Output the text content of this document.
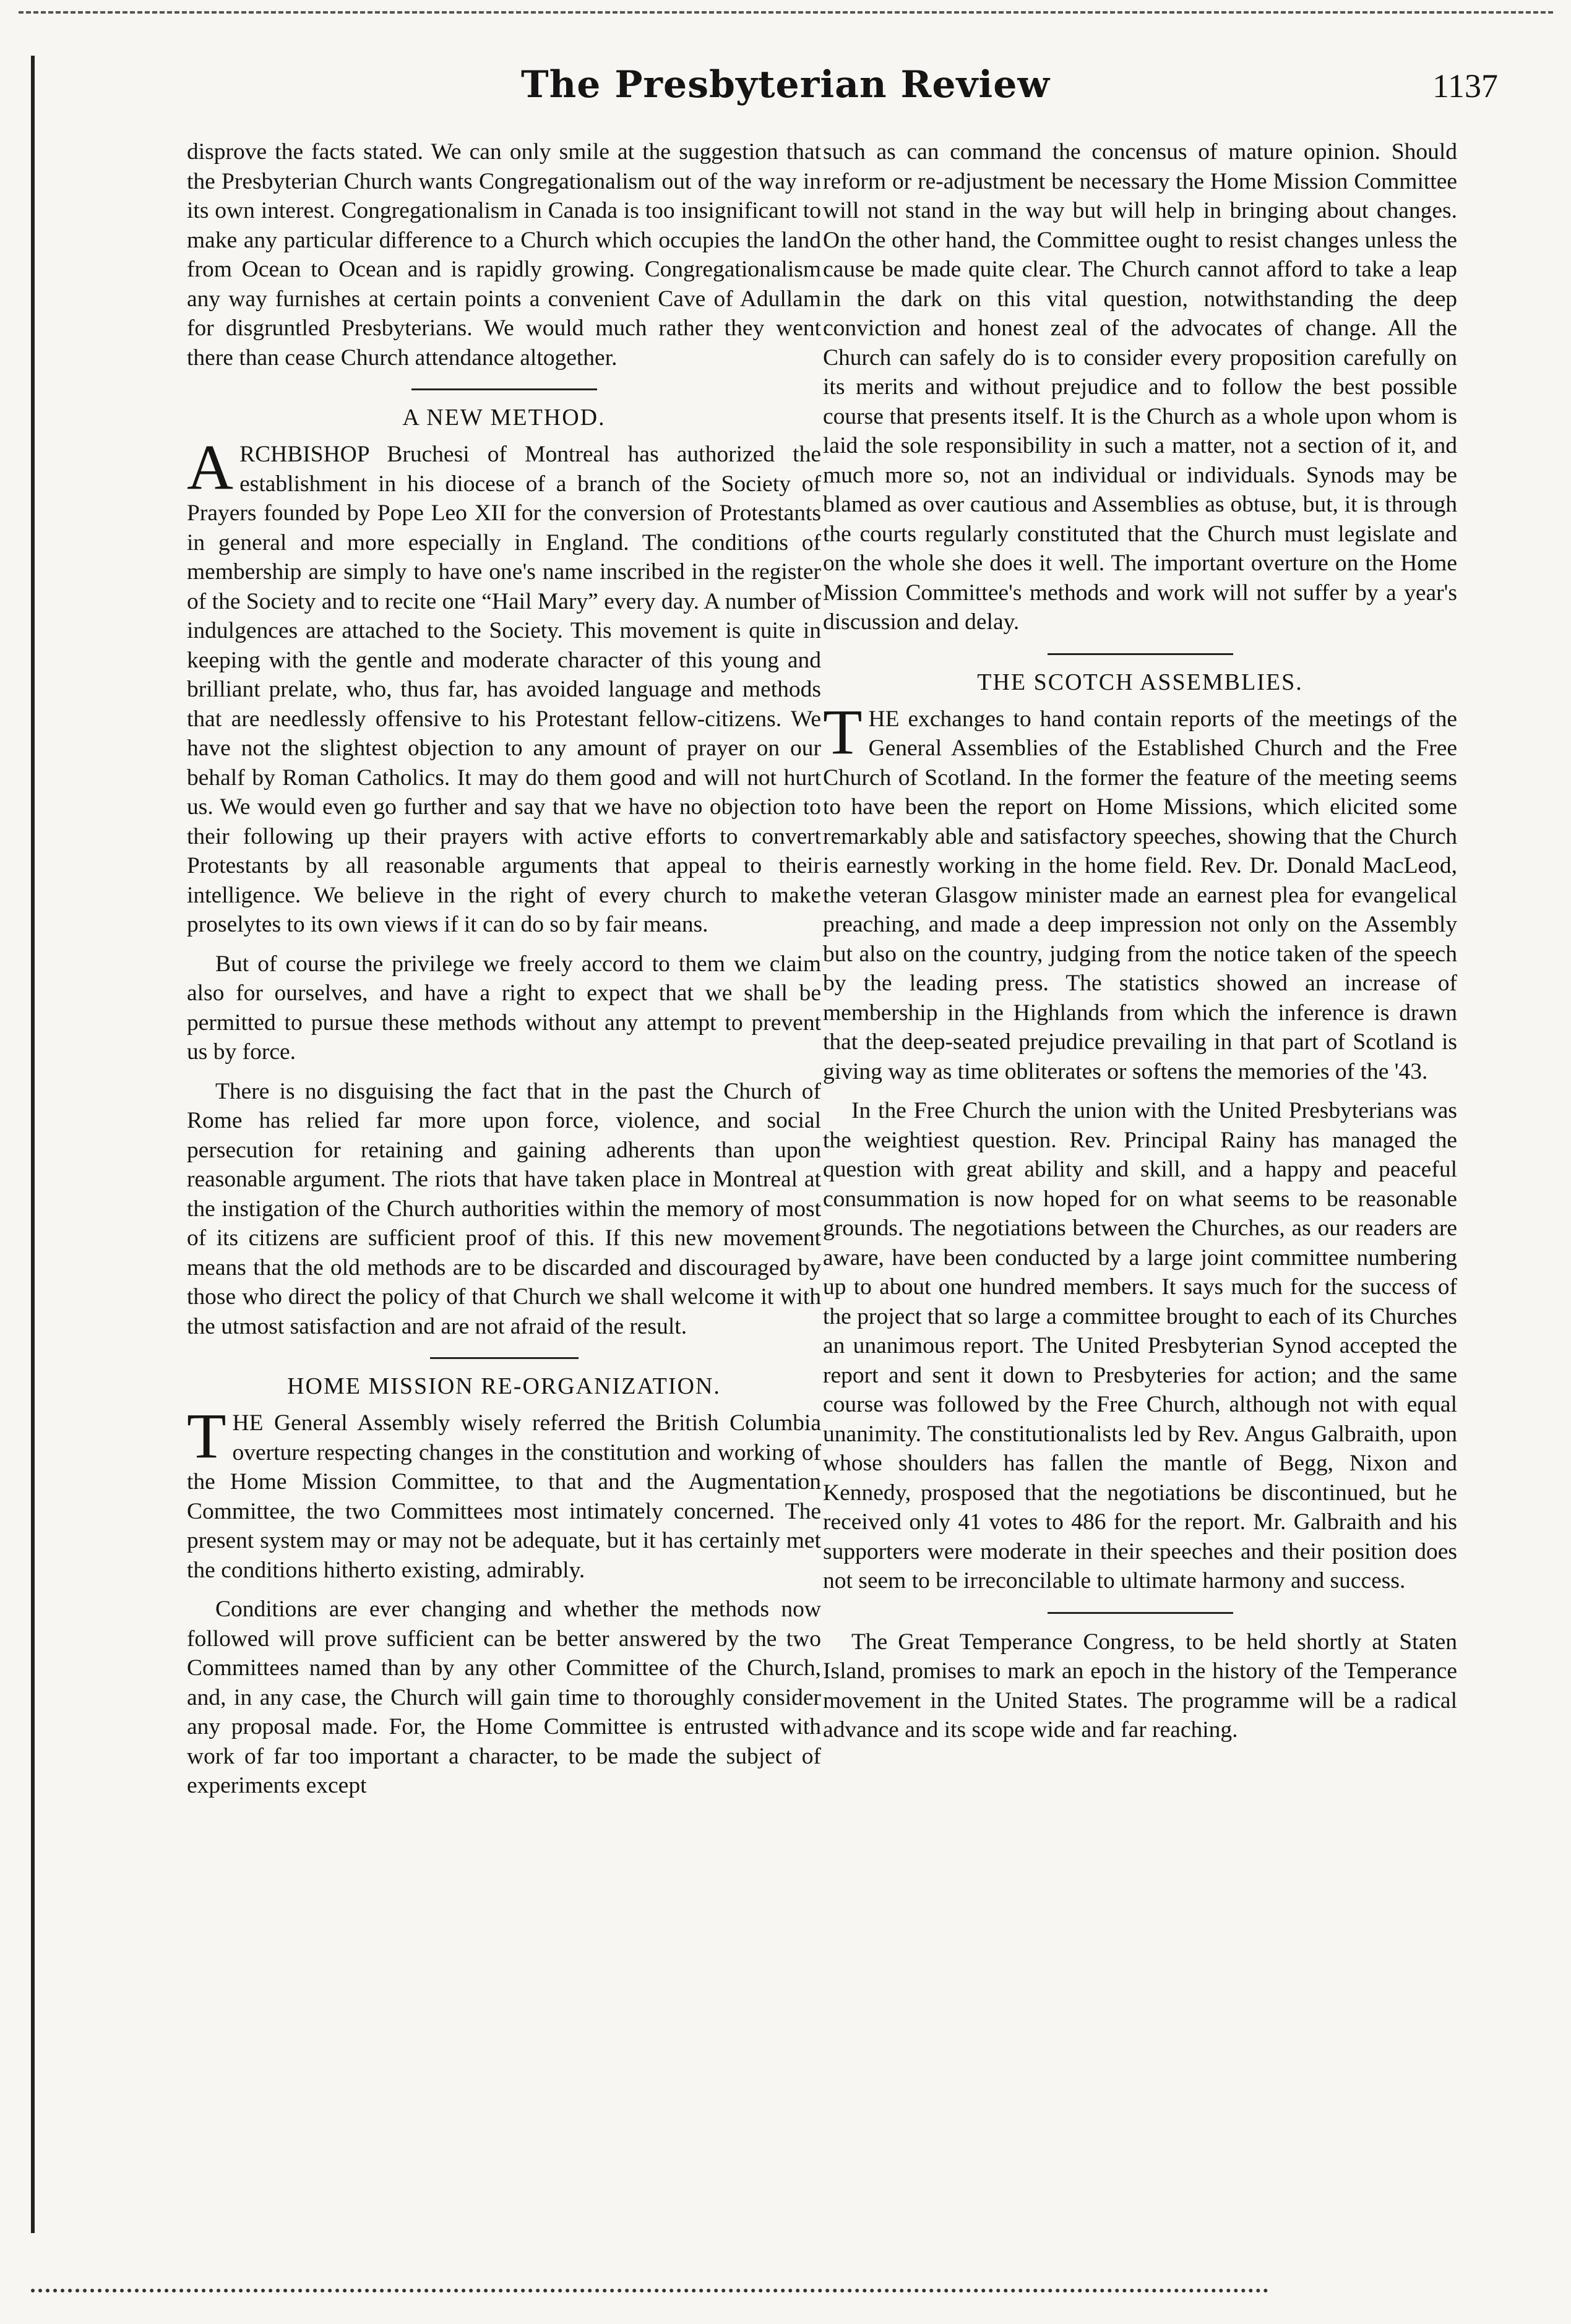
The Presbyterian Review	1137

disprove the facts stated. We can only smile at the suggestion that the Presbyterian Church wants Congregationalism out of the way in its own interest. Congregationalism in Canada is too insignificant to make any particular difference to a Church which occupies the land from Ocean to Ocean and is rapidly growing. Congregationalism any way furnishes at certain points a convenient Cave of Adullam for disgruntled Presbyterians. We would much rather they went there than cease Church attendance altogether.

A NEW METHOD.

ARCHBISHOP Bruchesi of Montreal has authorized the establishment in his diocese of a branch of the Society of Prayers founded by Pope Leo XII for the conversion of Protestants in general and more especially in England. The conditions of membership are simply to have one's name inscribed in the register of the Society and to recite one “Hail Mary” every day. A number of indulgences are attached to the Society. This movement is quite in keeping with the gentle and moderate character of this young and brilliant prelate, who, thus far, has avoided language and methods that are needlessly offensive to his Protestant fellow-citizens. We have not the slightest objection to any amount of prayer on our behalf by Roman Catholics. It may do them good and will not hurt us. We would even go further and say that we have no objection to their following up their prayers with active efforts to convert Protestants by all reasonable arguments that appeal to their intelligence. We believe in the right of every church to make proselytes to its own views if it can do so by fair means.

But of course the privilege we freely accord to them we claim also for ourselves, and have a right to expect that we shall be permitted to pursue these methods without any attempt to prevent us by force.

There is no disguising the fact that in the past the Church of Rome has relied far more upon force, violence, and social persecution for retaining and gaining adherents than upon reasonable argument. The riots that have taken place in Montreal at the instigation of the Church authorities within the memory of most of its citizens are sufficient proof of this. If this new movement means that the old methods are to be discarded and discouraged by those who direct the policy of that Church we shall welcome it with the utmost satisfaction and are not afraid of the result.

HOME MISSION RE-ORGANIZATION.

THE General Assembly wisely referred the British Columbia overture respecting changes in the constitution and working of the Home Mission Committee, to that and the Augmentation Committee, the two Committees most intimately concerned. The present system may or may not be adequate, but it has certainly met the conditions hitherto existing, admirably.

Conditions are ever changing and whether the methods now followed will prove sufficient can be better answered by the two Committees named than by any other Committee of the Church, and, in any case, the Church will gain time to thoroughly consider any proposal made. For, the Home Committee is entrusted with work of far too important a character, to be made the subject of experiments except

such as can command the concensus of mature opinion. Should reform or re-adjustment be necessary the Home Mission Committee will not stand in the way but will help in bringing about changes. On the other hand, the Committee ought to resist changes unless the cause be made quite clear. The Church cannot afford to take a leap in the dark on this vital question, notwithstanding the deep conviction and honest zeal of the advocates of change. All the Church can safely do is to consider every proposition carefully on its merits and without prejudice and to follow the best possible course that presents itself. It is the Church as a whole upon whom is laid the sole responsibility in such a matter, not a section of it, and much more so, not an individual or individuals. Synods may be blamed as over cautious and Assemblies as obtuse, but, it is through the courts regularly constituted that the Church must legislate and on the whole she does it well. The important overture on the Home Mission Committee's methods and work will not suffer by a year's discussion and delay.

THE SCOTCH ASSEMBLIES.

THE exchanges to hand contain reports of the meetings of the General Assemblies of the Established Church and the Free Church of Scotland. In the former the feature of the meeting seems to have been the report on Home Missions, which elicited some remarkably able and satisfactory speeches, showing that the Church is earnestly working in the home field. Rev. Dr. Donald MacLeod, the veteran Glasgow minister made an earnest plea for evangelical preaching, and made a deep impression not only on the Assembly but also on the country, judging from the notice taken of the speech by the leading press. The statistics showed an increase of membership in the Highlands from which the inference is drawn that the deep-seated prejudice prevailing in that part of Scotland is giving way as time obliterates or softens the memories of the '43.

In the Free Church the union with the United Presbyterians was the weightiest question. Rev. Principal Rainy has managed the question with great ability and skill, and a happy and peaceful consummation is now hoped for on what seems to be reasonable grounds. The negotiations between the Churches, as our readers are aware, have been conducted by a large joint committee numbering up to about one hundred members. It says much for the success of the project that so large a committee brought to each of its Churches an unanimous report. The United Presbyterian Synod accepted the report and sent it down to Presbyteries for action; and the same course was followed by the Free Church, although not with equal unanimity. The constitutionalists led by Rev. Angus Galbraith, upon whose shoulders has fallen the mantle of Begg, Nixon and Kennedy, prosposed that the negotiations be discontinued, but he received only 41 votes to 486 for the report. Mr. Galbraith and his supporters were moderate in their speeches and their position does not seem to be irreconcilable to ultimate harmony and success.

The Great Temperance Congress, to be held shortly at Staten Island, promises to mark an epoch in the history of the Temperance movement in the United States. The programme will be a radical advance and its scope wide and far reaching.
